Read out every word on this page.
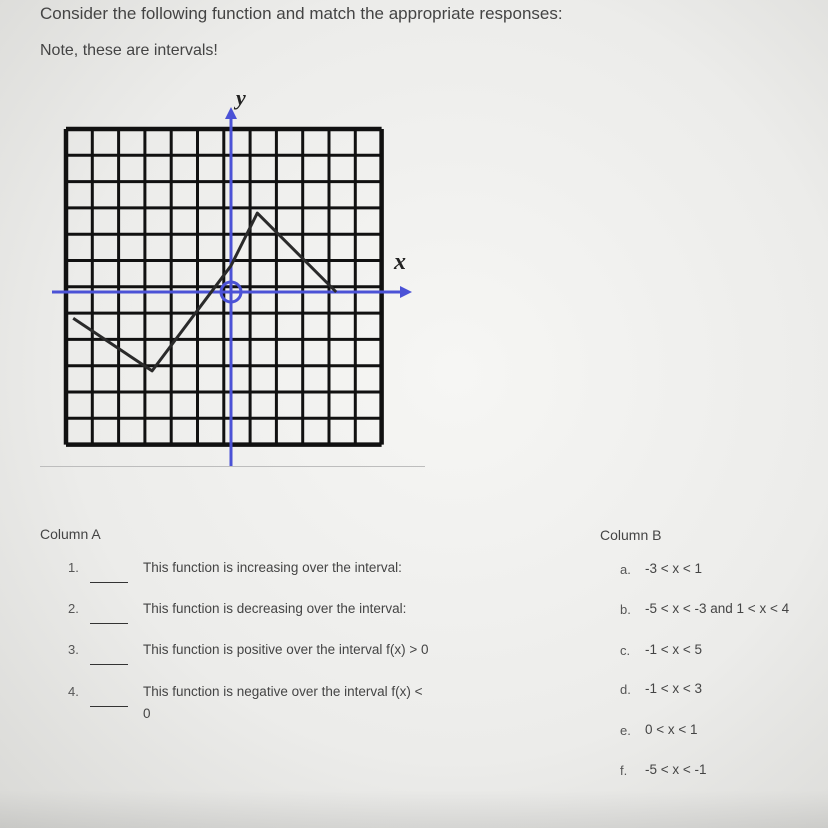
Consider the following function and match the appropriate responses:
Note, these are intervals!
y
x
Column A	Column B
1.	This function is increasing over the interval:
2.	This function is decreasing over the interval:
3.	This function is positive over the interval f(x) > 0
4.	This function is negative over the interval f(x) <
0
a. -3 < x < 1
b. -5 < x < -3 and 1 < x < 4
c. -1 < x < 5
d. -1 < x < 3
e. 0 < x < 1
f. -5 < x < -1
